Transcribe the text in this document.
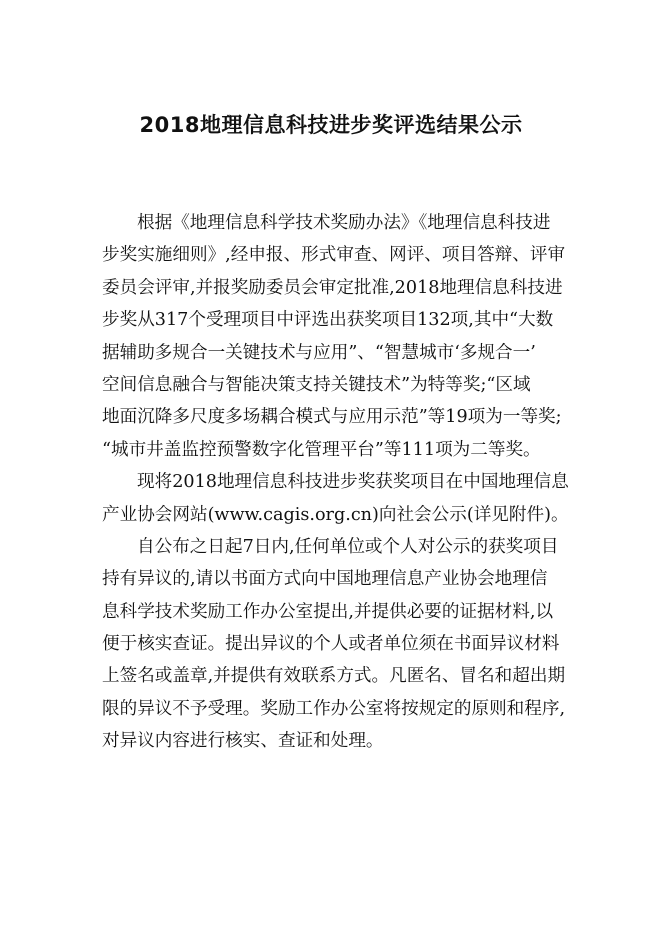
2018地理信息科技进步奖评选结果公示
根据《地理信息科学技术奖励办法》《地理信息科技进
步奖实施细则》,经申报、形式审查、网评、项目答辩、评审
委员会评审,并报奖励委员会审定批准,2018地理信息科技进
步奖从317个受理项目中评选出获奖项目132项,其中“大数
据辅助多规合一关键技术与应用”、“智慧城市‘多规合一’
空间信息融合与智能决策支持关键技术”为特等奖;“区域
地面沉降多尺度多场耦合模式与应用示范”等19项为一等奖;
“城市井盖监控预警数字化管理平台”等111项为二等奖。
现将2018地理信息科技进步奖获奖项目在中国地理信息
产业协会网站(www.cagis.org.cn)向社会公示(详见附件)。
自公布之日起7日内,任何单位或个人对公示的获奖项目
持有异议的,请以书面方式向中国地理信息产业协会地理信
息科学技术奖励工作办公室提出,并提供必要的证据材料,以
便于核实查证。提出异议的个人或者单位须在书面异议材料
上签名或盖章,并提供有效联系方式。凡匿名、冒名和超出期
限的异议不予受理。奖励工作办公室将按规定的原则和程序,
对异议内容进行核实、查证和处理。
